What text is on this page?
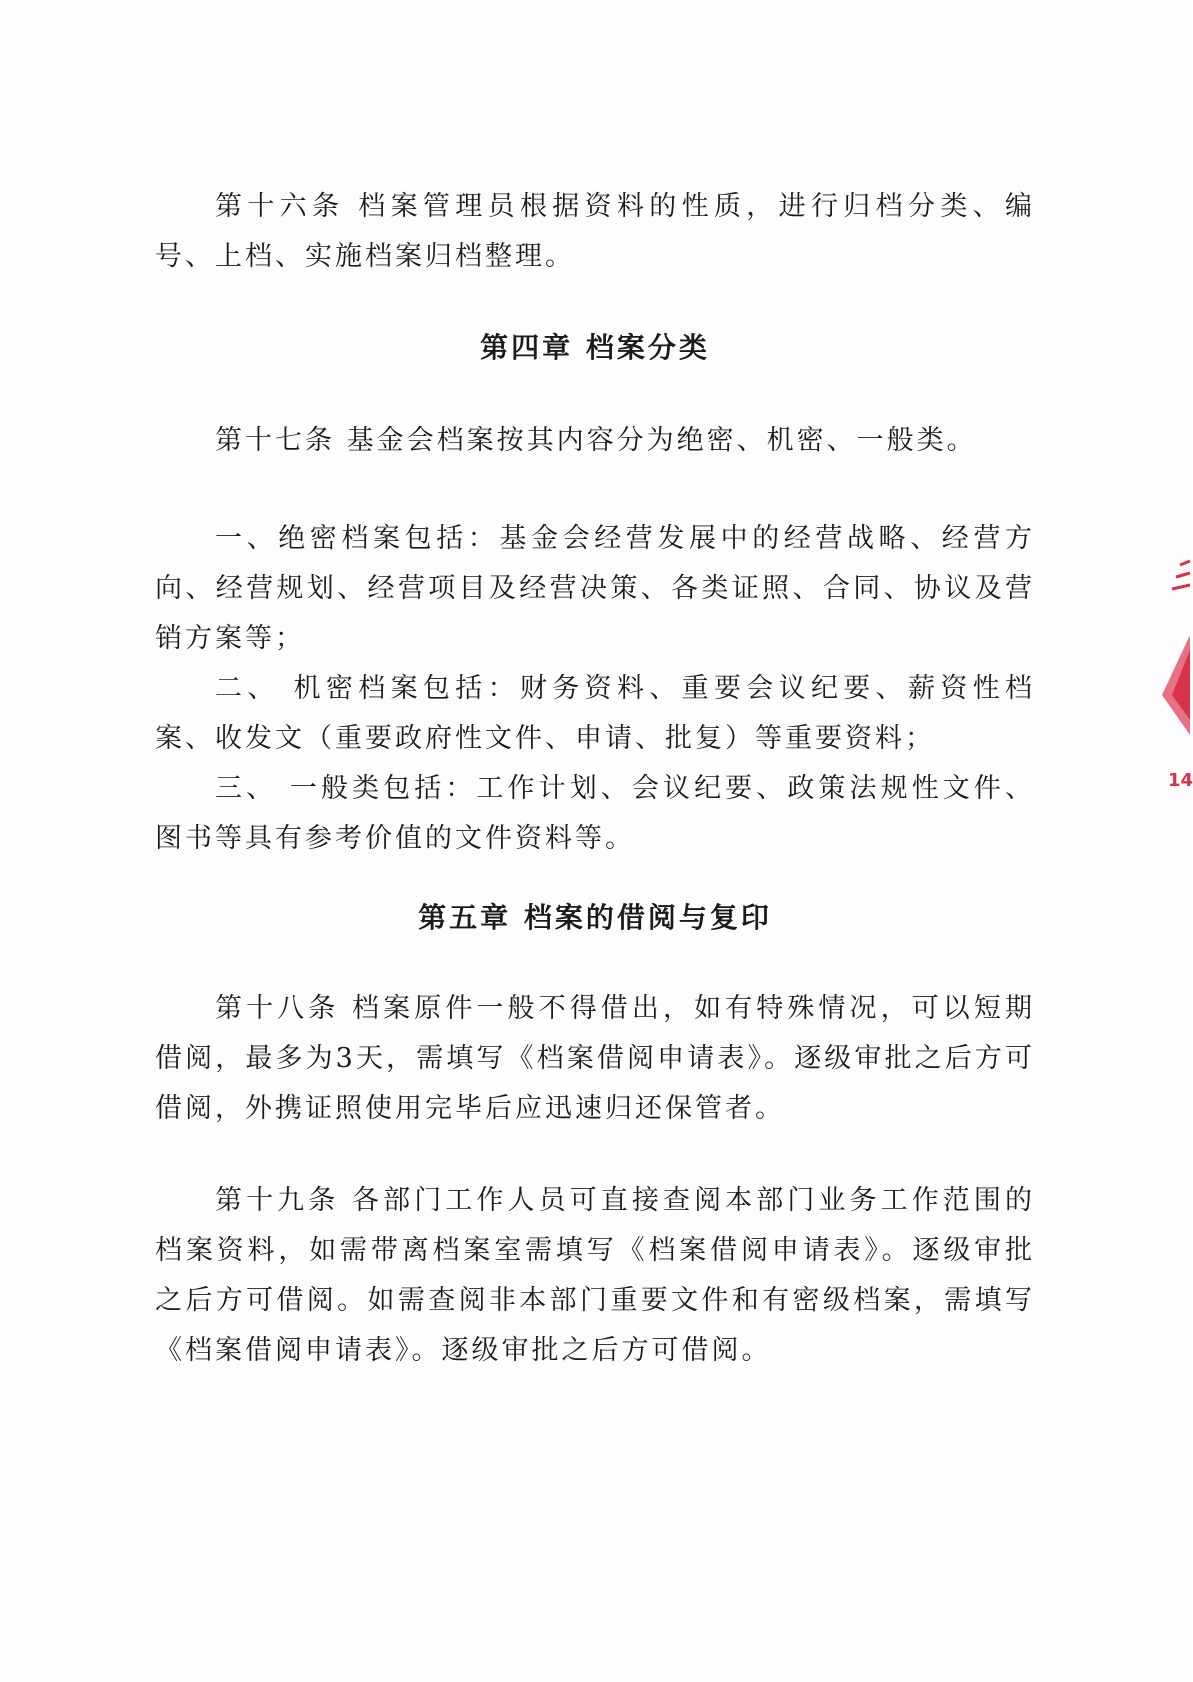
第十六条 档案管理员根据资料的性质，进行归档分类、编号、上档、实施档案归档整理。

第四章 档案分类

第十七条 基金会档案按其内容分为绝密、机密、一般类。

一、绝密档案包括：基金会经营发展中的经营战略、经营方向、经营规划、经营项目及经营决策、各类证照、合同、协议及营销方案等；

二、 机密档案包括：财务资料、重要会议纪要、薪资性档案、收发文（重要政府性文件、申请、批复）等重要资料；

三、 一般类包括：工作计划、会议纪要、政策法规性文件、图书等具有参考价值的文件资料等。

第五章 档案的借阅与复印

第十八条 档案原件一般不得借出，如有特殊情况，可以短期借阅，最多为3天，需填写《档案借阅申请表》。逐级审批之后方可借阅，外携证照使用完毕后应迅速归还保管者。

第十九条 各部门工作人员可直接查阅本部门业务工作范围的档案资料，如需带离档案室需填写《档案借阅申请表》。逐级审批之后方可借阅。如需查阅非本部门重要文件和有密级档案，需填写《档案借阅申请表》。逐级审批之后方可借阅。

14
